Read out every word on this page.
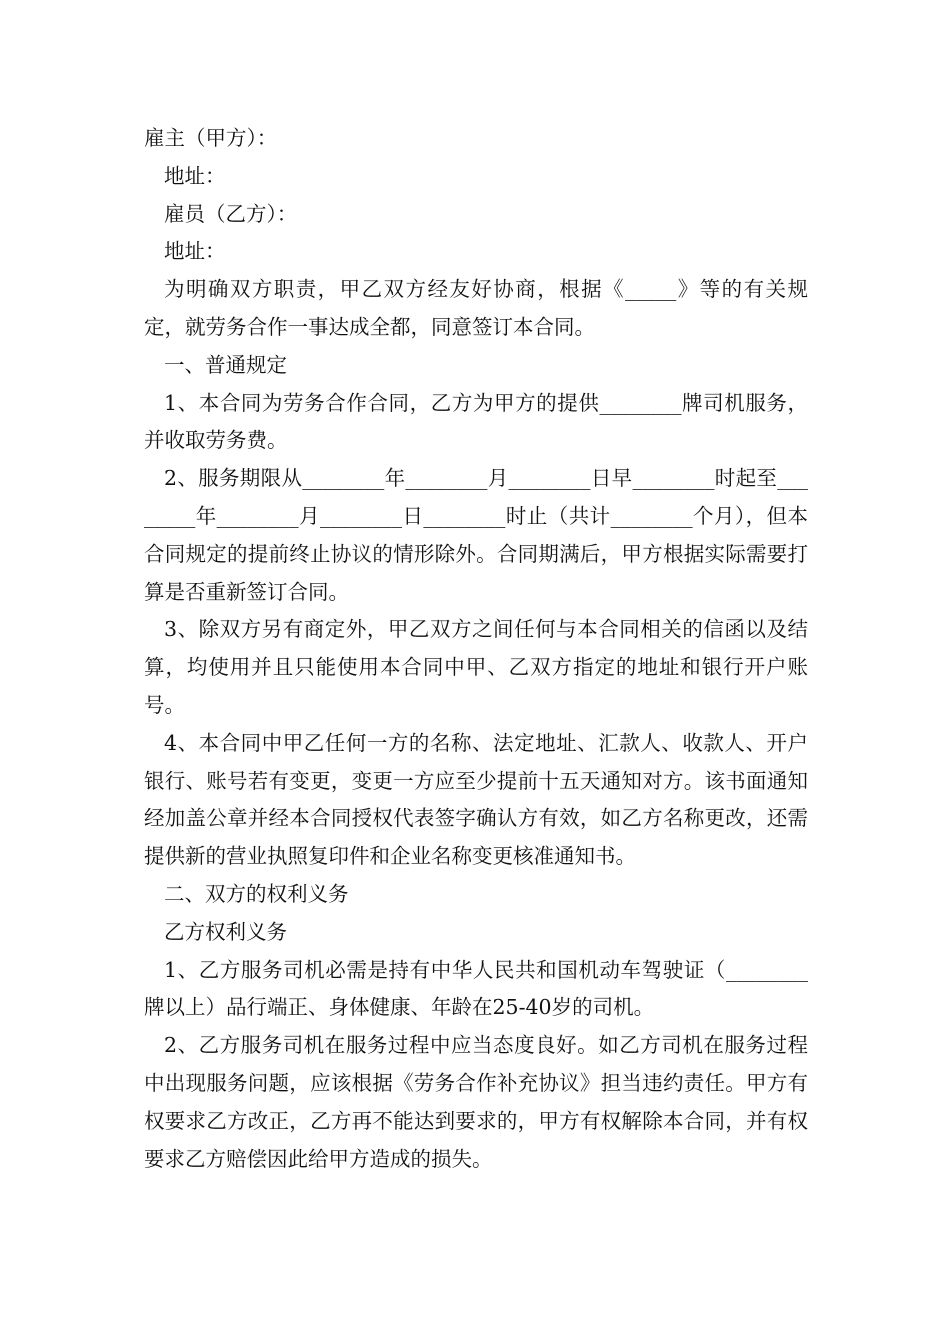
雇主（甲方）：

地址：

雇员（乙方）：

地址：

为明确双方职责，甲乙双方经友好协商，根据《_____》等的有关规定，就劳务合作一事达成全都，同意签订本合同。

一、普通规定

1、本合同为劳务合作合同，乙方为甲方的提供________牌司机服务，并收取劳务费。

2、服务期限从________年________月________日早________时起至________年________月________日________时止（共计________个月），但本合同规定的提前终止协议的情形除外。合同期满后，甲方根据实际需要打算是否重新签订合同。

3、除双方另有商定外，甲乙双方之间任何与本合同相关的信函以及结算，均使用并且只能使用本合同中甲、乙双方指定的地址和银行开户账号。

4、本合同中甲乙任何一方的名称、法定地址、汇款人、收款人、开户银行、账号若有变更，变更一方应至少提前十五天通知对方。该书面通知经加盖公章并经本合同授权代表签字确认方有效，如乙方名称更改，还需提供新的营业执照复印件和企业名称变更核准通知书。

二、双方的权利义务

乙方权利义务

1、乙方服务司机必需是持有中华人民共和国机动车驾驶证（________牌以上）品行端正、身体健康、年龄在25-40岁的司机。

2、乙方服务司机在服务过程中应当态度良好。如乙方司机在服务过程中出现服务问题，应该根据《劳务合作补充协议》担当违约责任。甲方有权要求乙方改正，乙方再不能达到要求的，甲方有权解除本合同，并有权要求乙方赔偿因此给甲方造成的损失。
